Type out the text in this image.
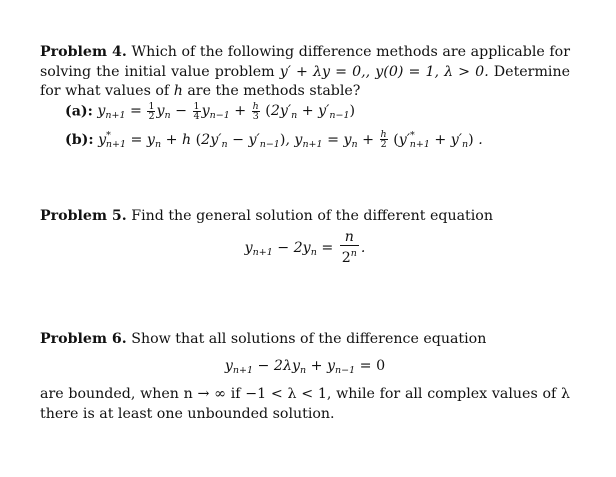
Problem 4. Which of the following difference methods are applicable for solving the initial value problem y′ + λy = 0,, y(0) = 1, λ > 0. Determine for what values of h are the methods stable?

(a): $y_{n+1} = \frac{1}{2} y_n - \frac{1}{4} y_{n-1} + \frac{h}{3} (2y'_n + y'_{n-1})$
(b): $y^*_{n+1} = y_n + h$ $(2y'_n - y'_{n-1})$, $y_{n+1} = y_n + \frac{h}{2} (y'^*_{n+1} + y'_n)$ .

Problem 5. Find the general solution of the different equation

$y_{n+1} - 2y_n = \frac{n}{2^n}$ .

Problem 6. Show that all solutions of the difference equation

$y_{n+1} - 2\lambda y_n + y_{n-1} = 0$

are bounded, when n → ∞ if −1 < λ < 1, while for all complex values of λ there is at least one unbounded solution.
